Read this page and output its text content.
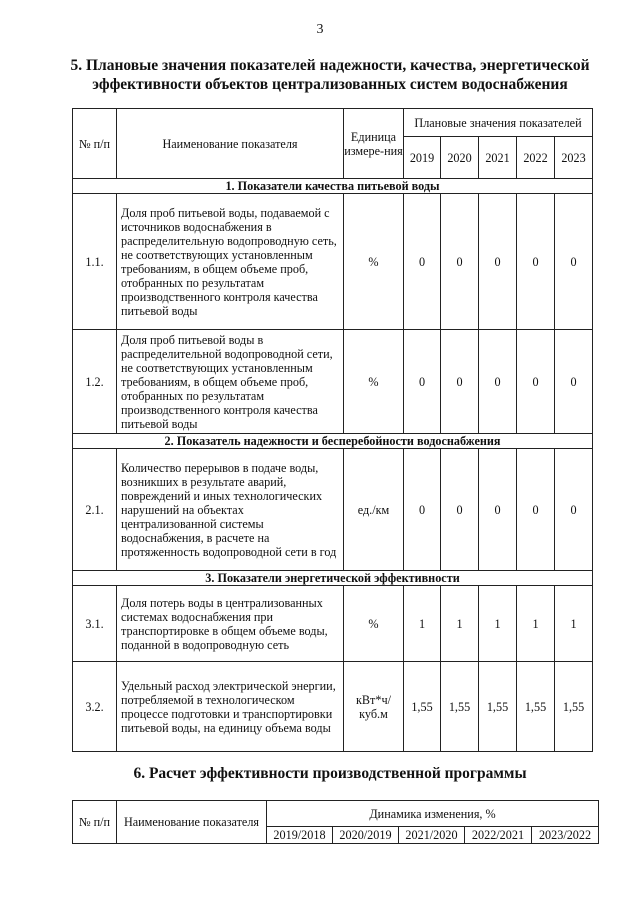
3
5. Плановые значения показателей надежности, качества, энергетической
эффективности объектов централизованных систем водоснабжения
№ п/п	Наименование показателя	Единица измере-ния	Плановые значения показателей				
			2019	2020	2021	2022	2023
1. Показатели качества питьевой воды							
1.1.	Доля проб питьевой воды, подаваемой с источников водоснабжения в распределительную водопроводную сеть, не соответствующих установленным требованиям, в общем объеме проб, отобранных по результатам производственного контроля качества питьевой воды	%	0	0	0	0	0
1.2.	Доля проб питьевой воды в распределительной водопроводной сети, не соответствующих установленным требованиям, в общем объеме проб, отобранных по результатам производственного контроля качества питьевой воды	%	0	0	0	0	0
2. Показатель надежности и бесперебойности водоснабжения							
2.1.	Количество перерывов в подаче воды, возникших в результате аварий, повреждений и иных технологических нарушений на объектах централизованной системы водоснабжения, в расчете на протяженность водопроводной сети в год	ед./км	0	0	0	0	0
3. Показатели энергетической эффективности							
3.1.	Доля потерь воды в централизованных системах водоснабжения при транспортировке в общем объеме воды, поданной в водопроводную сеть	%	1	1	1	1	1
3.2.	Удельный расход электрической энергии, потребляемой в технологическом процессе подготовки и транспортировки питьевой воды, на единицу объема воды	кВт*ч/ куб.м	1,55	1,55	1,55	1,55	1,55
6. Расчет эффективности производственной программы
№ п/п	Наименование показателя	Динамика изменения, %				
		2019/2018	2020/2019	2021/2020	2022/2021	2023/2022
